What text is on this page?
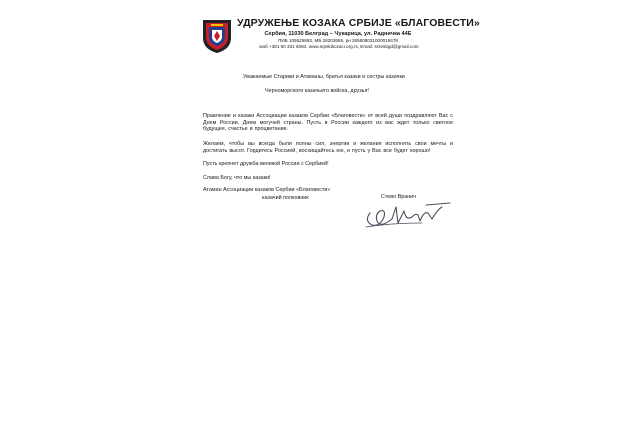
УДРУЖЕЊЕ КОЗАКА СРБИЈЕ «БЛАГОВЕСТИ»
Сербия, 11030 Белград – Чукарица, ул. Радничка 44Е
ПИБ 109525863, МБ 28203659, рн 265608031000019478
моб +381 60 331 6084, www.srpskikozaci.org.rs, Email: srsesbgd@gmail.com
Уважаемые Старики и Атаманы, братья казаки и сестры казачки
Черноморского казачьего войска, друзья!
Правление и казаки Ассоциации казаков Сербии «Благовести» от всей души поздравляют Вас с Днем России, Днем могучей страны. Пусть в России каждого из вас ждет только светлое будущее, счастье и процветание.
Желаем, чтобы вы всегда были полны сил, энергии и желания исполнять свои мечты и достигать высот. Гордитесь Россией, восхищайтесь ею, и пусть у Вас все будет хорошо!
Пусть крепнет дружба великой России с Сербией!
Слава Богу, что мы казаки!
Атаман Ассоциации казаков Сербии «Благовести»
казачий полковник	Стево Вранич
